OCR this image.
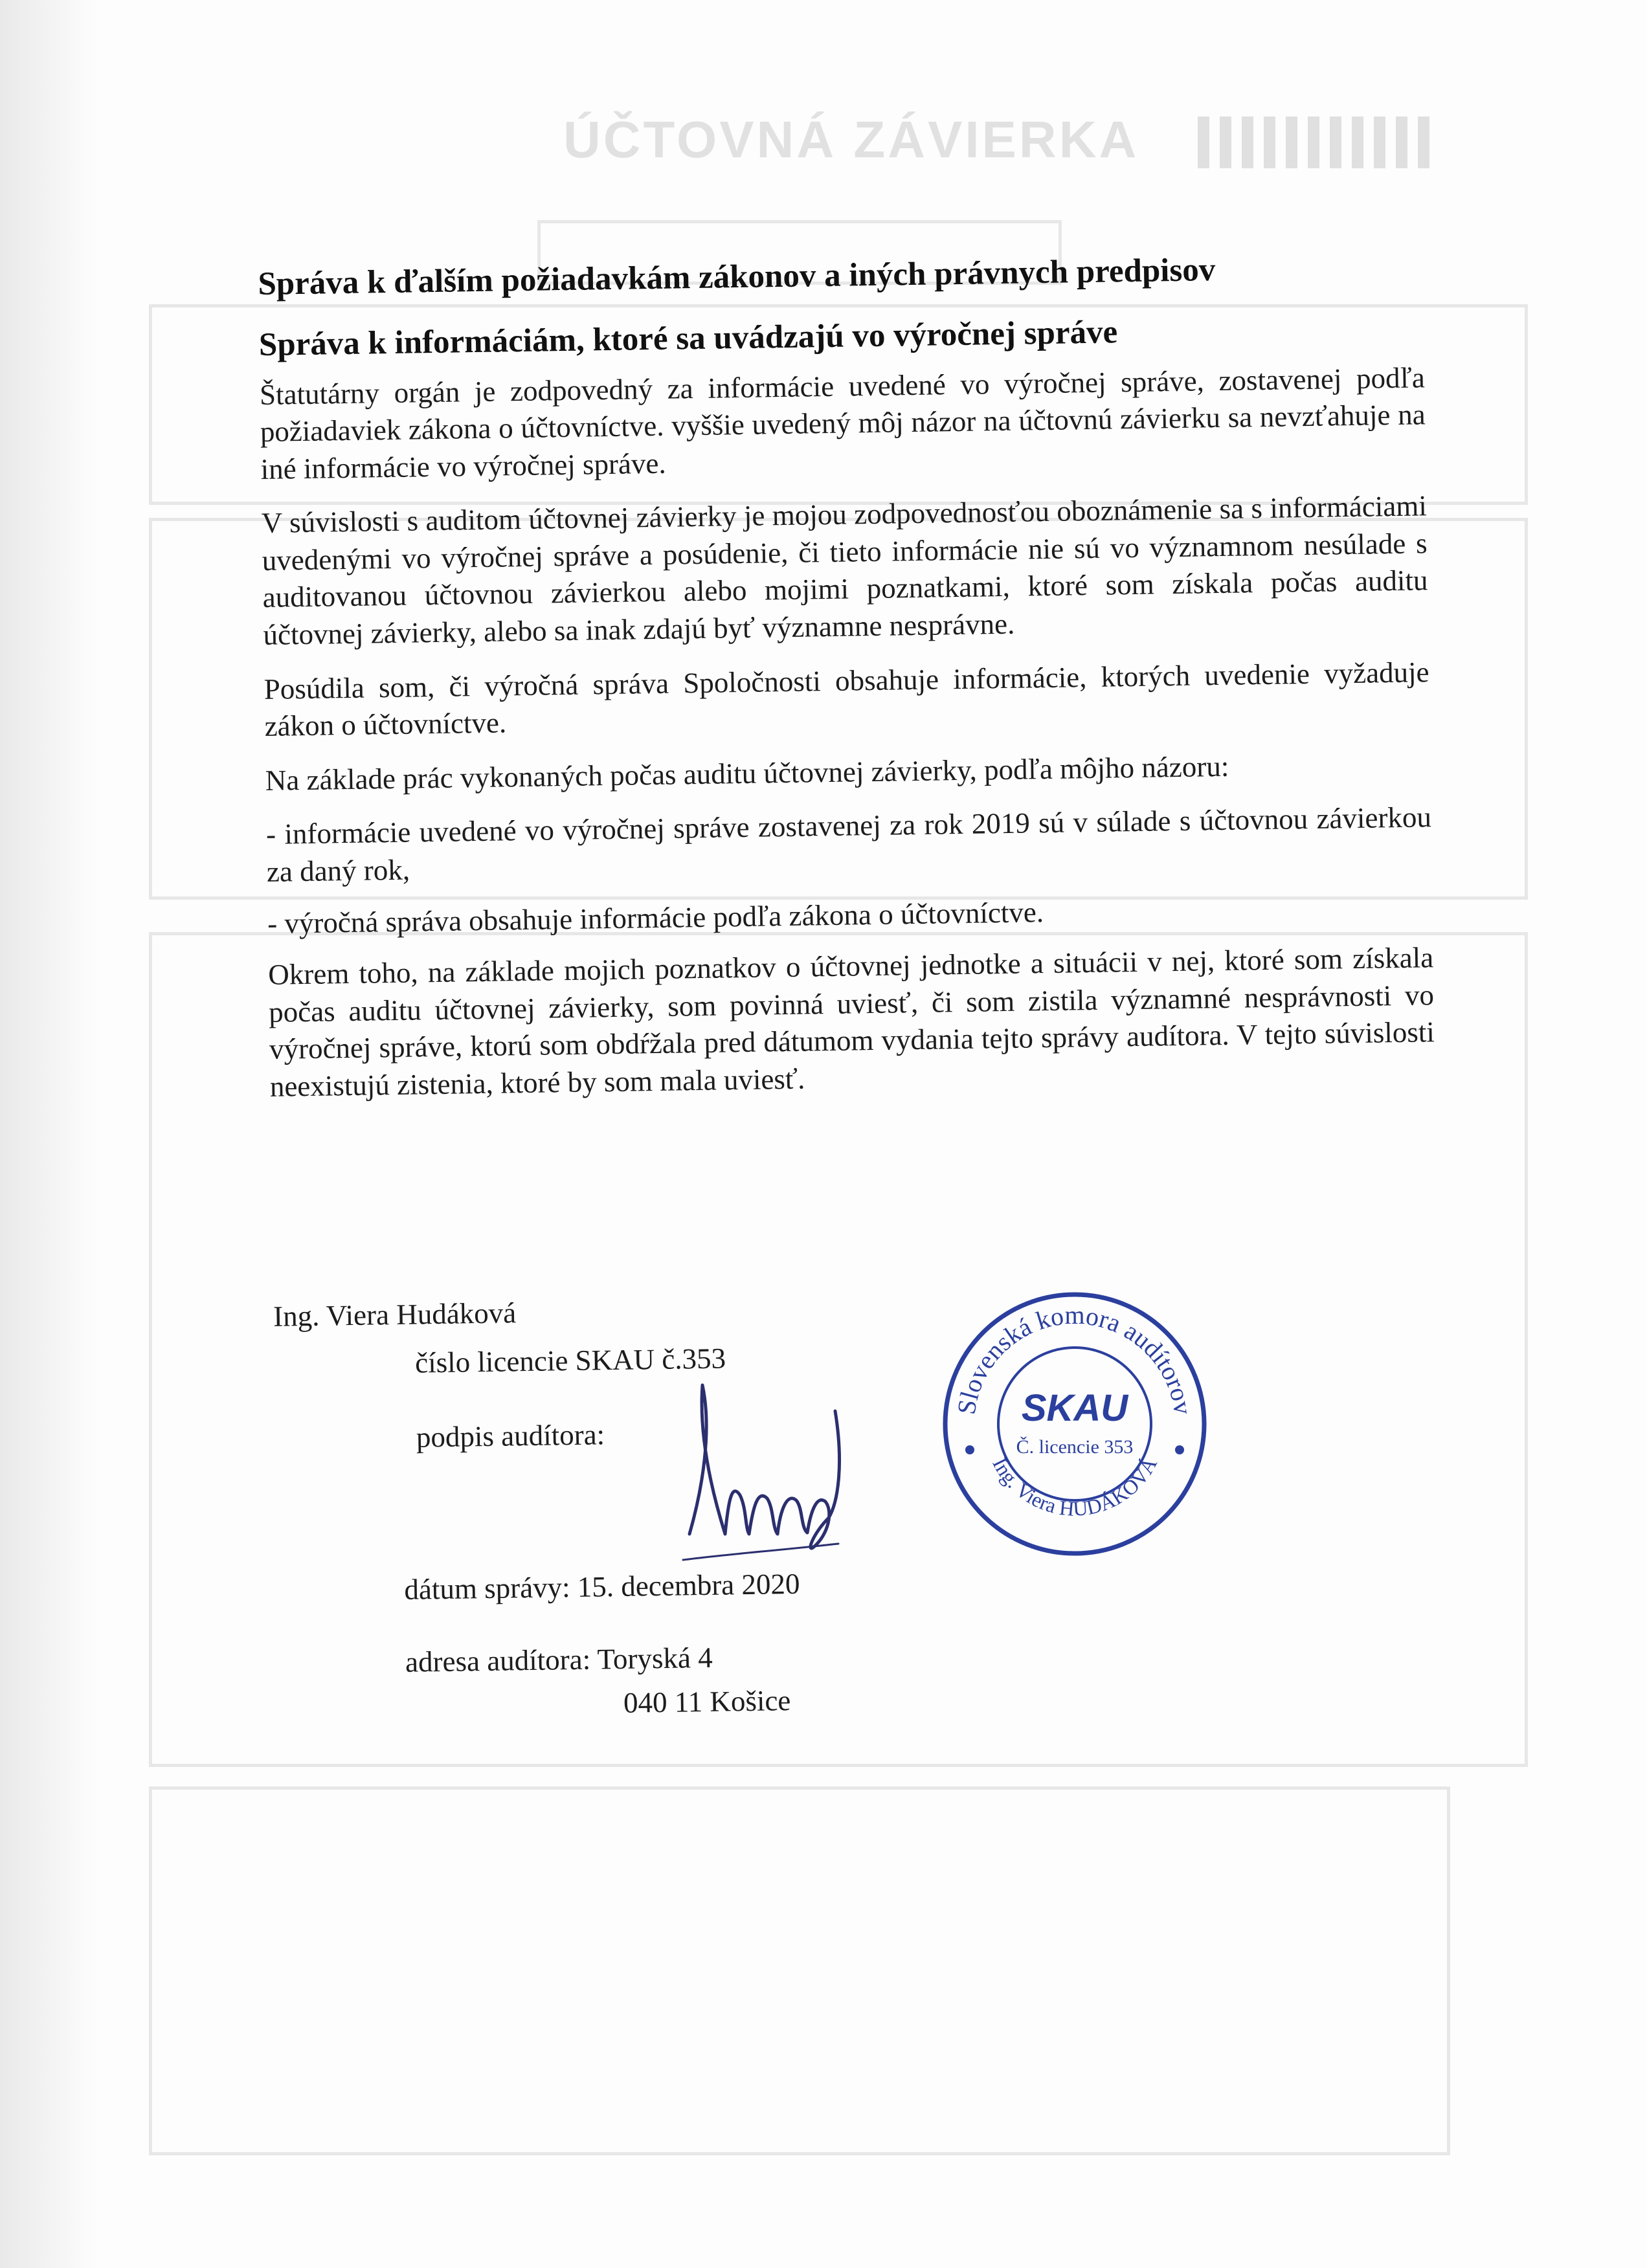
ÚČTOVNÁ ZÁVIERKA
Správa k ďalším požiadavkám zákonov a iných právnych predpisov
Správa k informáciám, ktoré sa uvádzajú vo výročnej správe

Štatutárny orgán je zodpovedný za informácie uvedené vo výročnej správe, zostavenej podľa požiadaviek zákona o účtovníctve. vyššie uvedený môj názor na účtovnú závierku sa nevzťahuje na iné informácie vo výročnej správe.

V súvislosti s auditom účtovnej závierky je mojou zodpovednosťou oboznámenie sa s informáciami uvedenými vo výročnej správe a posúdenie, či tieto informácie nie sú vo významnom nesúlade s auditovanou účtovnou závierkou alebo mojimi poznatkami, ktoré som získala počas auditu účtovnej závierky, alebo sa inak zdajú byť významne nesprávne.

Posúdila som, či výročná správa Spoločnosti obsahuje informácie, ktorých uvedenie vyžaduje zákon o účtovníctve.

Na základe prác vykonaných počas auditu účtovnej závierky, podľa môjho názoru:

- informácie uvedené vo výročnej správe zostavenej za rok 2019 sú v súlade s účtovnou závierkou za daný rok,

- výročná správa obsahuje informácie podľa zákona o účtovníctve.

Okrem toho, na základe mojich poznatkov o účtovnej jednotke a situácii v nej, ktoré som získala počas auditu účtovnej závierky, som povinná uviesť, či som zistila významné nesprávnosti vo výročnej správe, ktorú som obdŕžala pred dátumom vydania tejto správy audítora. V tejto súvislosti neexistujú zistenia, ktoré by som mala uviesť.

Ing. Viera Hudáková
číslo licencie SKAU č.353
podpis audítora:
dátum správy: 15. decembra 2020
adresa audítora: Toryská 4
040 11 Košice
Slovenská komora audítorov
Ing. Viera HUDÁKOVÁ
SKAU
Č. licencie 353
